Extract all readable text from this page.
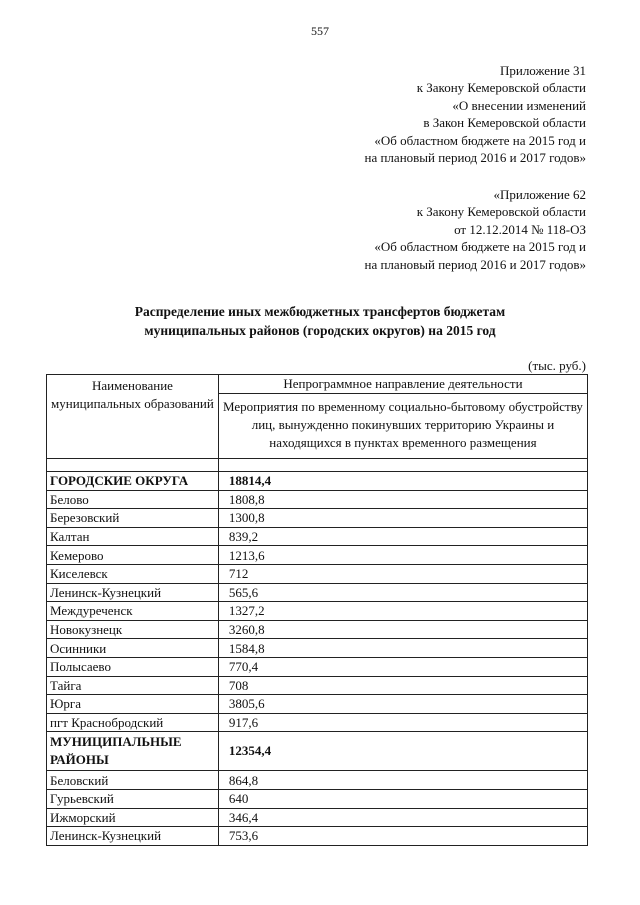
557
Приложение 31
к Закону Кемеровской области
«О внесении изменений
в Закон Кемеровской области
«Об областном бюджете на 2015 год и
на плановый период 2016 и 2017 годов»
«Приложение 62
к Закону Кемеровской области
от 12.12.2014 № 118-ОЗ
«Об областном бюджете на 2015 год и
на плановый период 2016 и 2017 годов»
Распределение иных межбюджетных трансфертов бюджетам
муниципальных районов (городских округов) на 2015 год
(тыс. руб.)
Наименование муниципальных образований	Непрограммное направление деятельности
	Мероприятия по временному социально-бытовому обустройству лиц, вынужденно покинувших территорию Украины и находящихся в пунктах временного размещения

ГОРОДСКИЕ ОКРУГА	18814,4
Белово	1808,8
Березовский	1300,8
Калтан	839,2
Кемерово	1213,6
Киселевск	712
Ленинск-Кузнецкий	565,6
Междуреченск	1327,2
Новокузнецк	3260,8
Осинники	1584,8
Полысаево	770,4
Тайга	708
Юрга	3805,6
пгт Краснобродский	917,6
МУНИЦИПАЛЬНЫЕ РАЙОНЫ	12354,4
Беловский	864,8
Гурьевский	640
Ижморский	346,4
Ленинск-Кузнецкий	753,6
